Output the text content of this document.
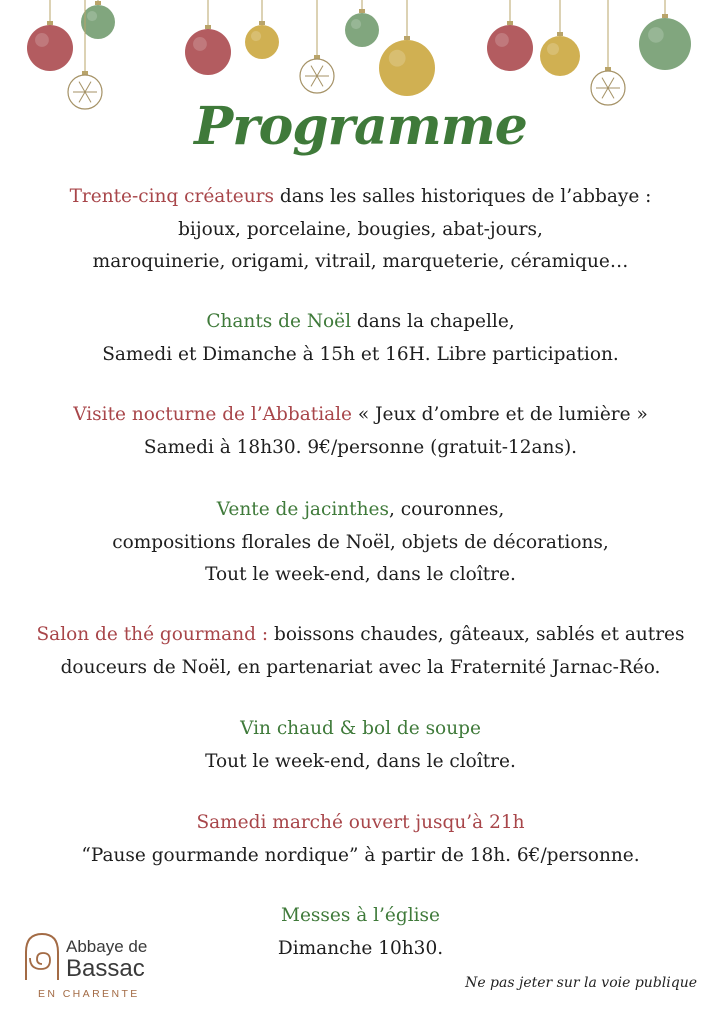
Programme
Trente-cinq créateurs dans les salles historiques de l’abbaye :
bijoux, porcelaine, bougies, abat-jours,
maroquinerie, origami, vitrail, marqueterie, céramique…
Chants de Noël dans la chapelle,
Samedi et Dimanche à 15h et 16H. Libre participation.
Visite nocturne de l’Abbatiale « Jeux d’ombre et de lumière »
Samedi à 18h30. 9€/personne (gratuit-12ans).
Vente de jacinthes, couronnes,
compositions florales de Noël, objets de décorations,
Tout le week-end, dans le cloître.
Salon de thé gourmand : boissons chaudes, gâteaux, sablés et autres
douceurs de Noël, en partenariat avec la Fraternité Jarnac-Réo.
Vin chaud & bol de soupe
Tout le week-end, dans le cloître.
Samedi marché ouvert jusqu’à 21h
“Pause gourmande nordique” à partir de 18h. 6€/personne.
Messes à l’église
Dimanche 10h30.
Abbaye de
Bassac
EN CHARENTE
Ne pas jeter sur la voie publique
